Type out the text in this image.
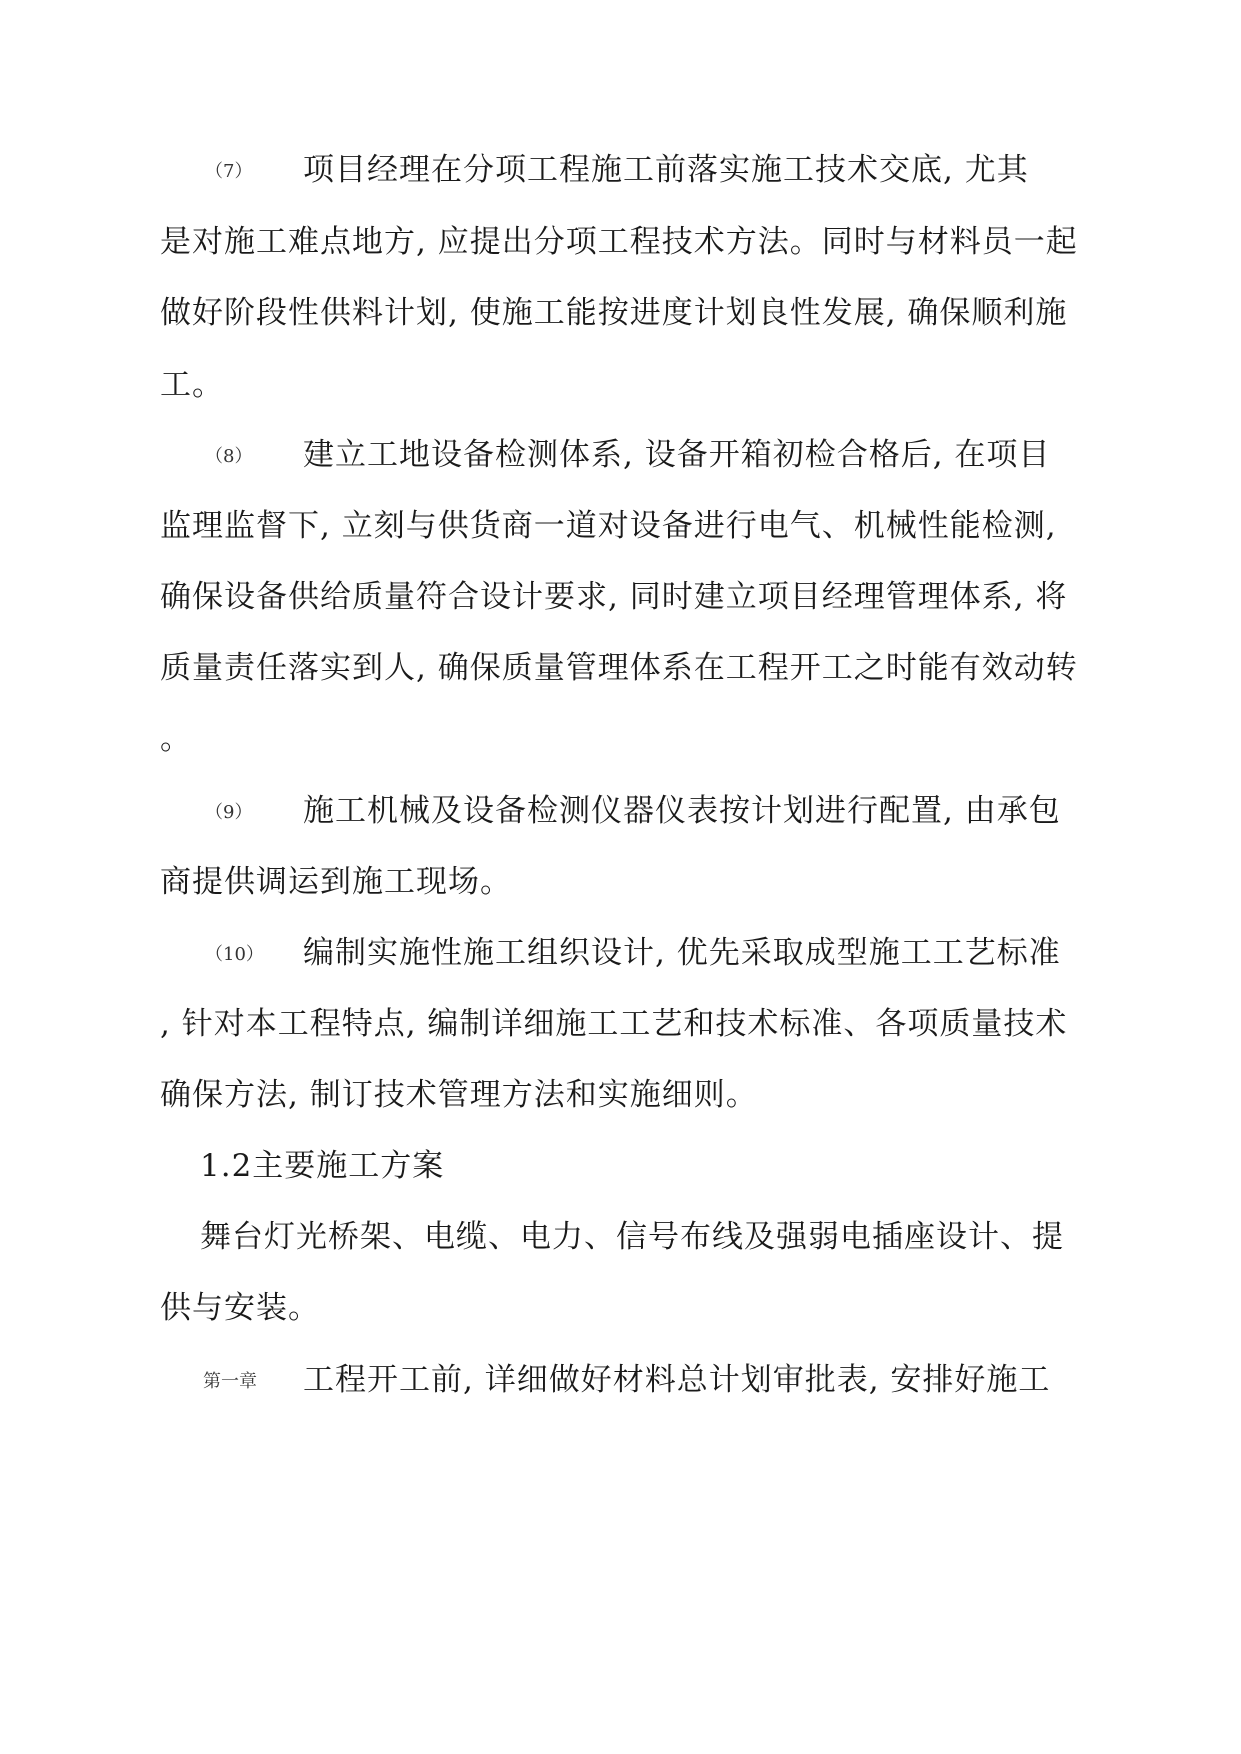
（7） 项目经理在分项工程施工前落实施工技术交底, 尤其
是对施工难点地方, 应提出分项工程技术方法。同时与材料员一起
做好阶段性供料计划, 使施工能按进度计划良性发展, 确保顺利施
工。
（8） 建立工地设备检测体系, 设备开箱初检合格后, 在项目
监理监督下, 立刻与供货商一道对设备进行电气、机械性能检测,
确保设备供给质量符合设计要求, 同时建立项目经理管理体系, 将
质量责任落实到人, 确保质量管理体系在工程开工之时能有效动转
。
（9） 施工机械及设备检测仪器仪表按计划进行配置, 由承包
商提供调运到施工现场。
（10） 编制实施性施工组织设计, 优先采取成型施工工艺标准
, 针对本工程特点, 编制详细施工工艺和技术标准、各项质量技术
确保方法, 制订技术管理方法和实施细则。
1.2主要施工方案
舞台灯光桥架、电缆、电力、信号布线及强弱电插座设计、提
供与安装。
第一章 工程开工前, 详细做好材料总计划审批表, 安排好施工
